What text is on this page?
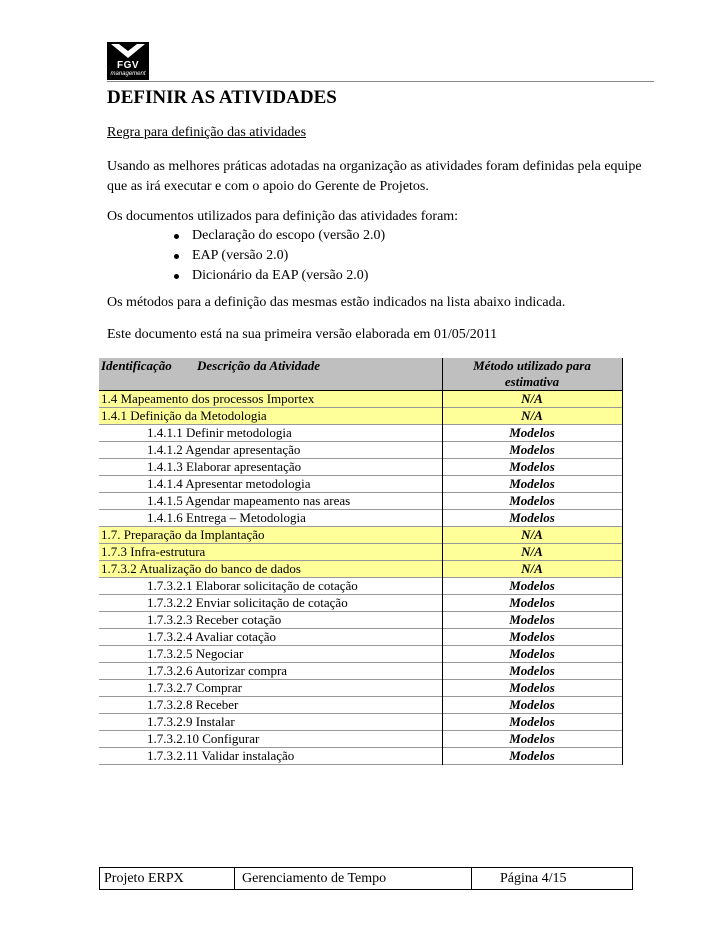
FGV
management
DEFINIR AS ATIVIDADES
Regra para definição das atividades
Usando as melhores práticas adotadas na organização as atividades foram definidas pela equipe
que as irá executar e com o apoio do Gerente de Projetos.
Os documentos utilizados para definição das atividades foram:
Declaração do escopo (versão 2.0)
EAP (versão 2.0)
Dicionário da EAP (versão 2.0)
Os métodos para a definição das mesmas estão indicados na lista abaixo indicada.
Este documento está na sua primeira versão elaborada em 01/05/2011
Identificação Descrição da Atividade	Método utilizado para
estimativa
1.4 Mapeamento dos processos Importex	N/A
1.4.1 Definição da Metodologia	N/A
1.4.1.1 Definir metodologia	Modelos
1.4.1.2 Agendar apresentação	Modelos
1.4.1.3 Elaborar apresentação	Modelos
1.4.1.4 Apresentar metodologia	Modelos
1.4.1.5 Agendar mapeamento nas areas	Modelos
1.4.1.6 Entrega – Metodologia	Modelos
1.7. Preparação da Implantação	N/A
1.7.3 Infra-estrutura	N/A
1.7.3.2 Atualização do banco de dados	N/A
1.7.3.2.1 Elaborar solicitação de cotação	Modelos
1.7.3.2.2 Enviar solicitação de cotação	Modelos
1.7.3.2.3 Receber cotação	Modelos
1.7.3.2.4 Avaliar cotação	Modelos
1.7.3.2.5 Negociar	Modelos
1.7.3.2.6 Autorizar compra	Modelos
1.7.3.2.7 Comprar	Modelos
1.7.3.2.8 Receber	Modelos
1.7.3.2.9 Instalar	Modelos
1.7.3.2.10 Configurar	Modelos
1.7.3.2.11 Validar instalação	Modelos
Projeto ERPX	Gerenciamento de Tempo	Página 4/15
